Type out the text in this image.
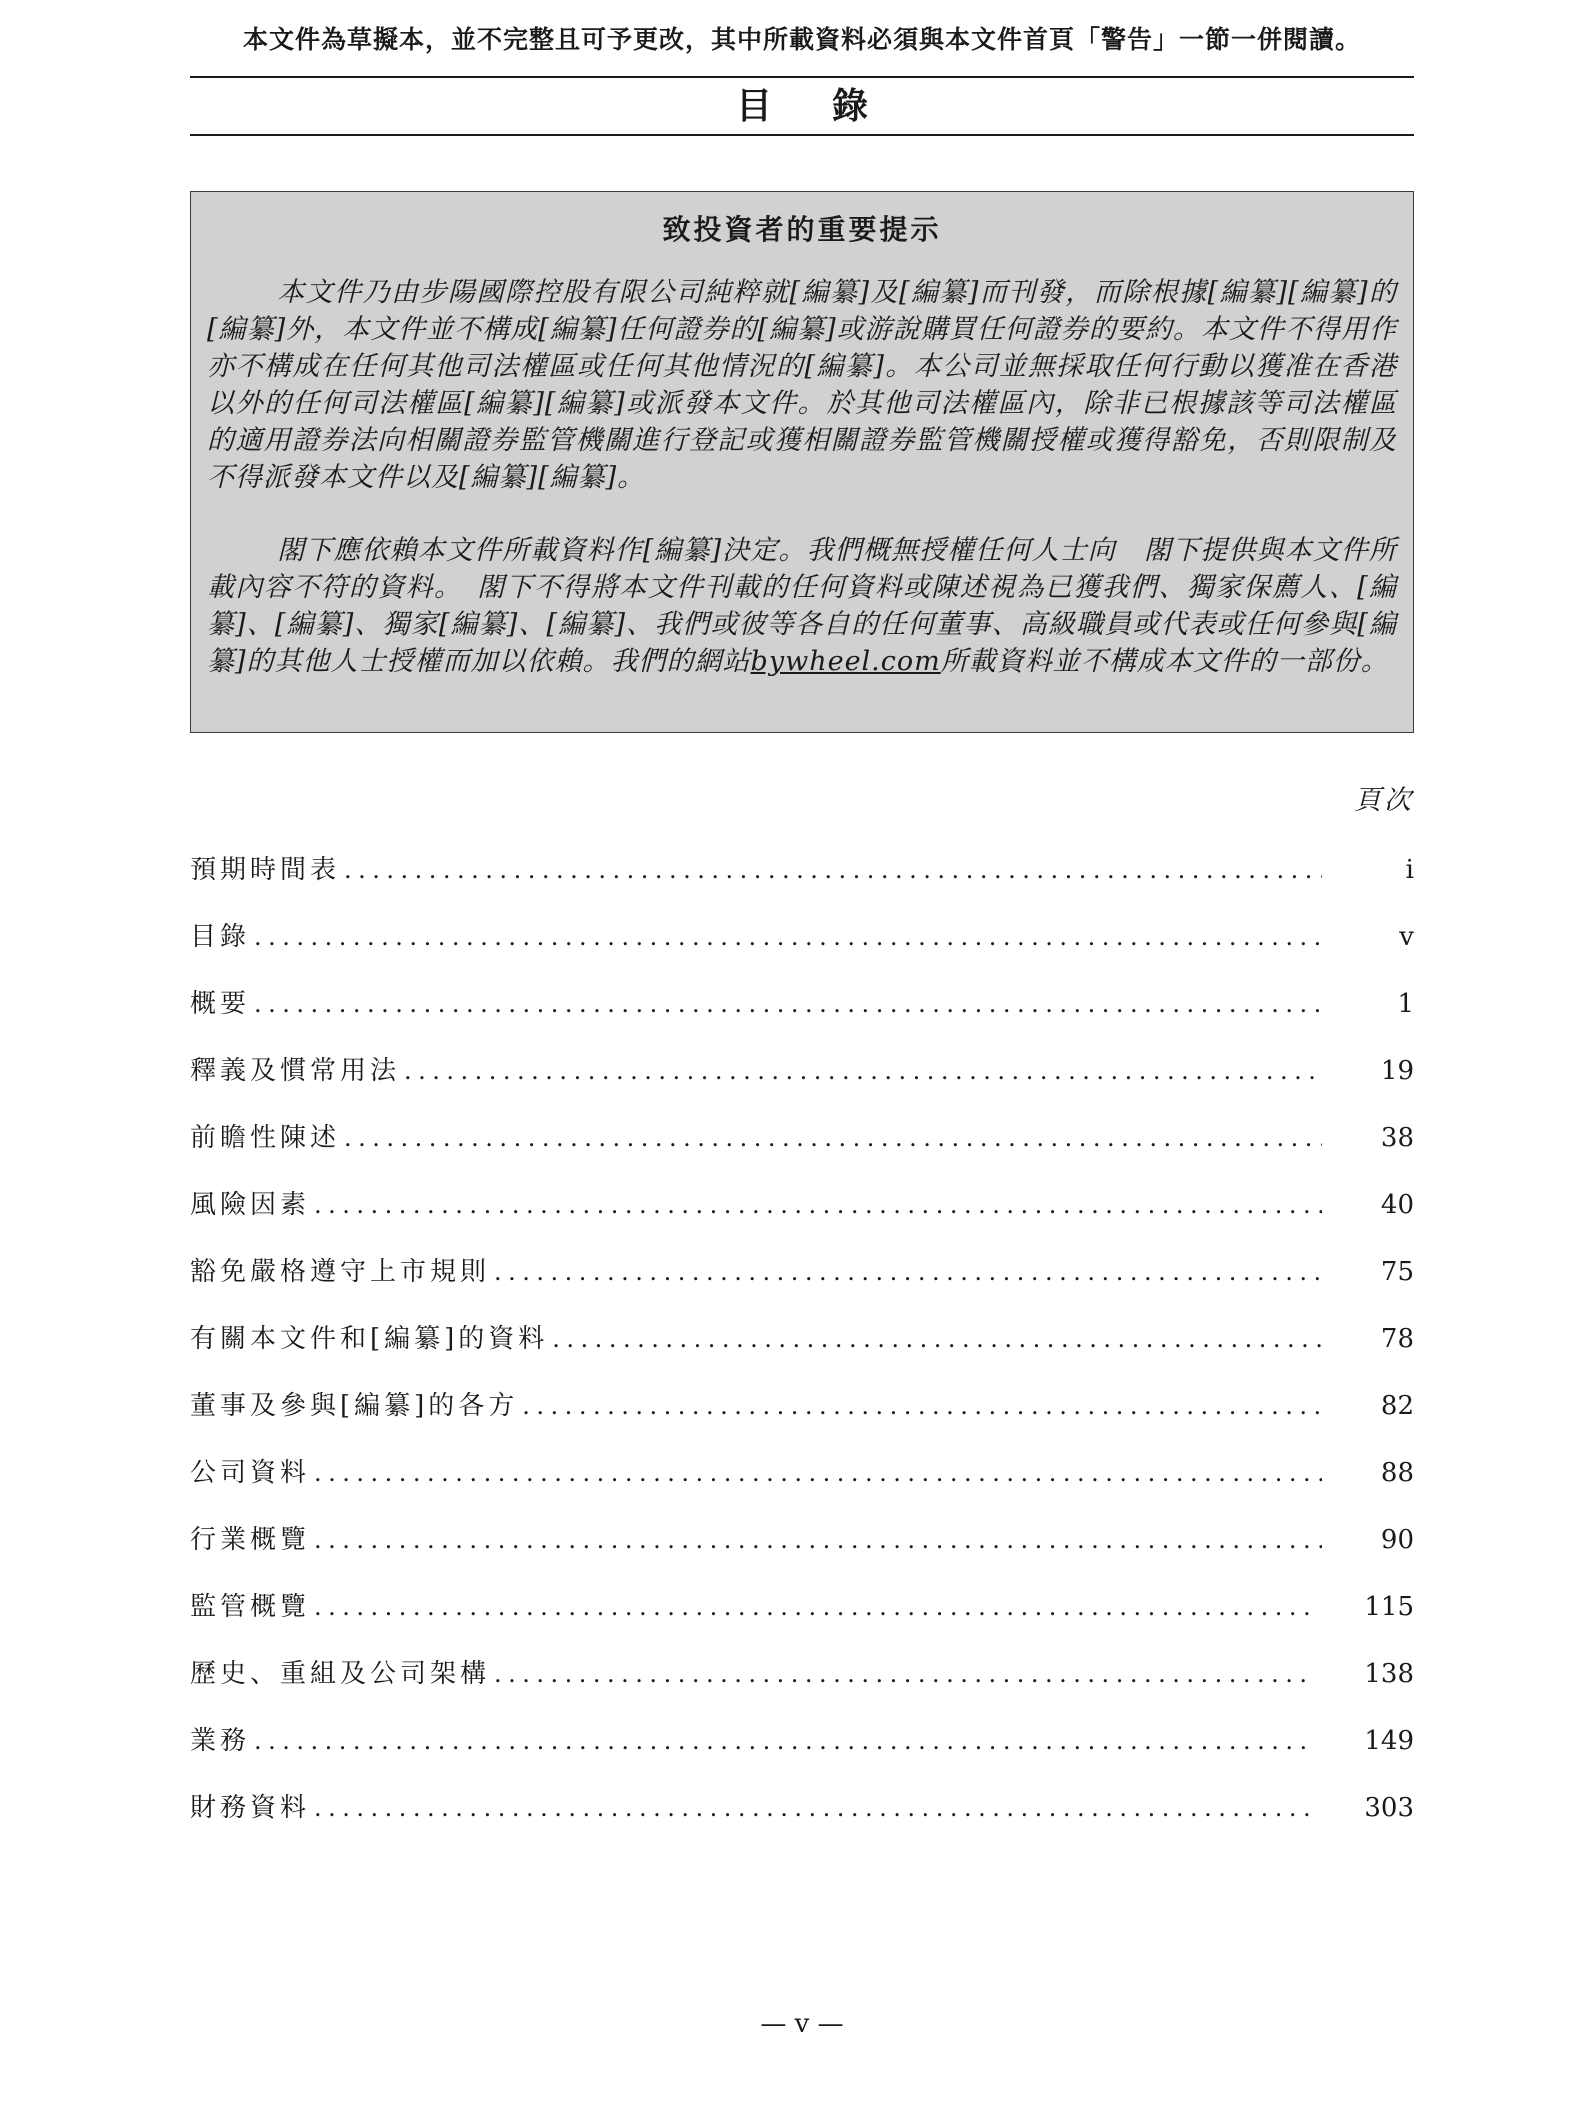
本文件為草擬本，並不完整且可予更改，其中所載資料必須與本文件首頁「警告」一節一併閱讀。
目錄
致投資者的重要提示

本文件乃由步陽國際控股有限公司純粹就[編纂]及[編纂]而刊發，而除根據[編纂][編纂]的[編纂]外，本文件並不構成[編纂]任何證券的[編纂]或游說購買任何證券的要約。本文件不得用作亦不構成在任何其他司法權區或任何其他情況的[編纂]。本公司並無採取任何行動以獲准在香港以外的任何司法權區[編纂][編纂]或派發本文件。於其他司法權區內，除非已根據該等司法權區的適用證券法向相關證券監管機關進行登記或獲相關證券監管機關授權或獲得豁免，否則限制及不得派發本文件以及[編纂][編纂]。

閣下應依賴本文件所載資料作[編纂]決定。我們概無授權任何人士向　閣下提供與本文件所載內容不符的資料。　閣下不得將本文件刊載的任何資料或陳述視為已獲我們、獨家保薦人、[編纂]、[編纂]、獨家[編纂]、[編纂]、我們或彼等各自的任何董事、高級職員或代表或任何參與[編纂]的其他人士授權而加以依賴。我們的網站bywheel.com所載資料並不構成本文件的一部份。

頁次
預期時間表 .....	i
目錄 .....	v
概要 .....	1
釋義及慣常用法 .....	19
前瞻性陳述 .....	38
風險因素 .....	40
豁免嚴格遵守上市規則 .....	75
有關本文件和[編纂]的資料 .....	78
董事及參與[編纂]的各方 .....	82
公司資料 .....	88
行業概覽 .....	90
監管概覽 .....	115
歷史、重組及公司架構 .....	138
業務 .....	149
財務資料 .....	303
— v —
